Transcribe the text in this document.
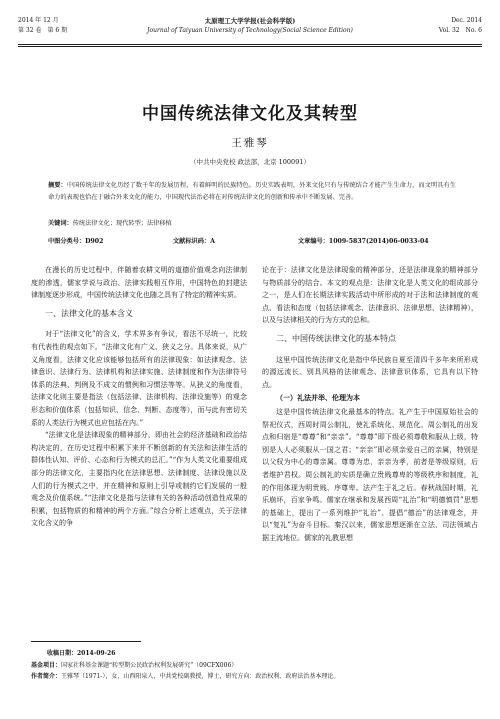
2014 年 12 月
第 32 卷　第 6 期
太原理工大学学报(社会科学版)
Journal of Taiyuan University of Technology(Social Science Edition)
Dec. 2014
Vol. 32　No. 6
中国传统法律文化及其转型
王雅琴
（中共中央党校 政法部，北京 100091）
摘要：中国传统法律文化历经了数千年的发展历程，有着鲜明的民族特色。历史实践表明，外来文化只有与传统结合才能产生生命力，而文明具有生命力的表现也恰在于融合外来文化的能力，中国现代法治必将在对传统法律文化的创新和传承中不断发展、完善。
关键词：传统法律文化；现代转型；法律移植
中图分类号：D902	文献标识码：A	文章编号：1009-5837(2014)06-0033-04

在漫长的历史过程中，伴随着农耕文明的道德价值观念向法律制度的渗透，儒家学说与政治、法律实践相互作用，中国特色的封建法律制度逐步形成，中国传统法律文化也随之具有了特定的精神实质。

一、法律文化的基本含义

对于“法律文化”的含义，学术界多有争议，看法不尽统一，比较有代表性的观点如下。“法律文化有广义、狭义之分。具体来说，从广义角度看，法律文化应该能够包括所有的法律现象：如法律观念、法律意识、法律行为、法律机构和法律实施、法律制度和作为法律符号体系的法典、判例及不成文的惯例和习惯法等等。从狭义的角度看，法律文化则主要是指法（包括法律、法律机构、法律设施等）的观念形态和价值体系（包括知识、信念、判断、态度等），而与此有密切关系的人类法行为模式也应包括在内。”

“法律文化是法律现象的精神部分，即由社会的经济基础和政治结构决定的，在历史过程中积累下来并不断创新的有关法和法律生活的群体性认知、评价、心态和行为模式的总汇。”“作为人类文化重要组成部分的法律文化，主要指内化在法律思想、法律制度、法律设施以及人们的行为模式之中，并在精神和原则上引导或制约它们发展的一般观念及价值系统。”“法律文化是指与法律有关的各种活动创造性成果的积累，包括物质的和精神的两个方面。”综合分析上述观点，关于法律文化含义的争

论在于：法律文化是法律现象的精神部分，还是法律现象的精神部分与物质部分的结合。本文的观点是：法律文化是人类文化的组成部分之一，是人们在长期法律实践活动中所形成的对于法和法律制度的观点、看法和态度（包括法律观念、法律意识、法律思想、法律精神），以及与法律相关的行为方式的总和。

二、中国传统法律文化的基本特点

这里中国传统法律文化是指中华民族自夏至清四千多年来所形成的源远流长、别具风格的法律观念、法律意识体系，它具有以下特点。

（一）礼法并举、伦理为本

这是中国传统法律文化最基本的特点。礼产生于中国原始社会的祭祀仪式，西周时周公制礼，使礼系统化、规范化。周公制礼的出发点和归宿是“尊尊”和“亲亲”。“尊尊”即下级必须尊敬和服从上级，特别是人人必须服从一国之君；“亲亲”即必须亲爱自己的亲属，特别是以父权为中心的尊亲属。尊尊为忠，亲亲为孝，前者是等级原则，后者维护君权。周公制礼的实质是确立贵贱尊卑的等级秩序和制度，礼的作用体现为明贵贱、序尊卑。法产生于礼之后。春秋战国时期，礼乐崩坏，百家争鸣。儒家在继承和发展西周“礼治”和“明德慎罚”思想的基础上，提出了一系列维护“礼治”、提倡“德治”的法律观念，并以“复礼”为奋斗目标。秦汉以来，儒家思想逐渐在立法、司法领域占据主流地位。儒家的礼教思想

收稿日期：2014-09-26
基金项目：国家社科基金课题“转型期公民政治权利发展研究”（09CFX006）
作者简介：王雅琴（1971-），女，山西阳泉人，中共党校副教授，博士，研究方向：政治权利、政府法治基本理论。
